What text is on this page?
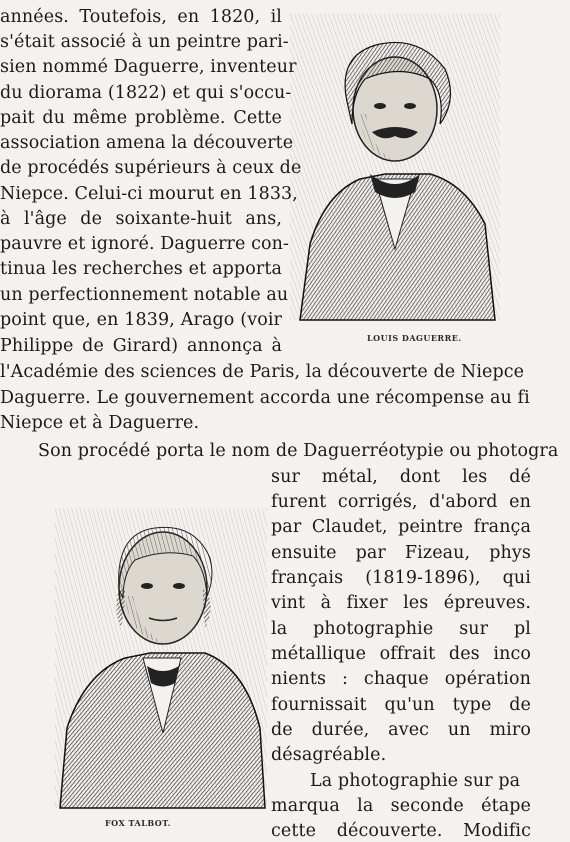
années. Toutefois, en 1820, il

s'était associé à un peintre pari-

sien nommé Daguerre, inventeur

du diorama (1822) et qui s'occu-

pait du même problème. Cette

association amena la découverte

de procédés supérieurs à ceux de

Niepce. Celui-ci mourut en 1833,

à l'âge de soixante-huit ans,

pauvre et ignoré. Daguerre con-

tinua les recherches et apporta

un perfectionnement notable au

point que, en 1839, Arago (voir

Philippe de Girard) annonça à	LOUIS DAGUERRE.

l'Académie des sciences de Paris, la découverte de Niepce

Daguerre. Le gouvernement accorda une récompense au fi

Niepce et à Daguerre.

Son procédé porta le nom de Daguerréotypie ou photogra

FOX TALBOT.

sur métal, dont les dé

furent corrigés, d'abord en

par Claudet, peintre frança

ensuite par Fizeau, phys

français (1819-1896), qui

vint à fixer les épreuves.

la photographie sur pl

métallique offrait des inco

nients : chaque opération

fournissait qu'un type de

de durée, avec un miro

désagréable.

La photographie sur pa

marqua la seconde étape

cette découverte. Modific
